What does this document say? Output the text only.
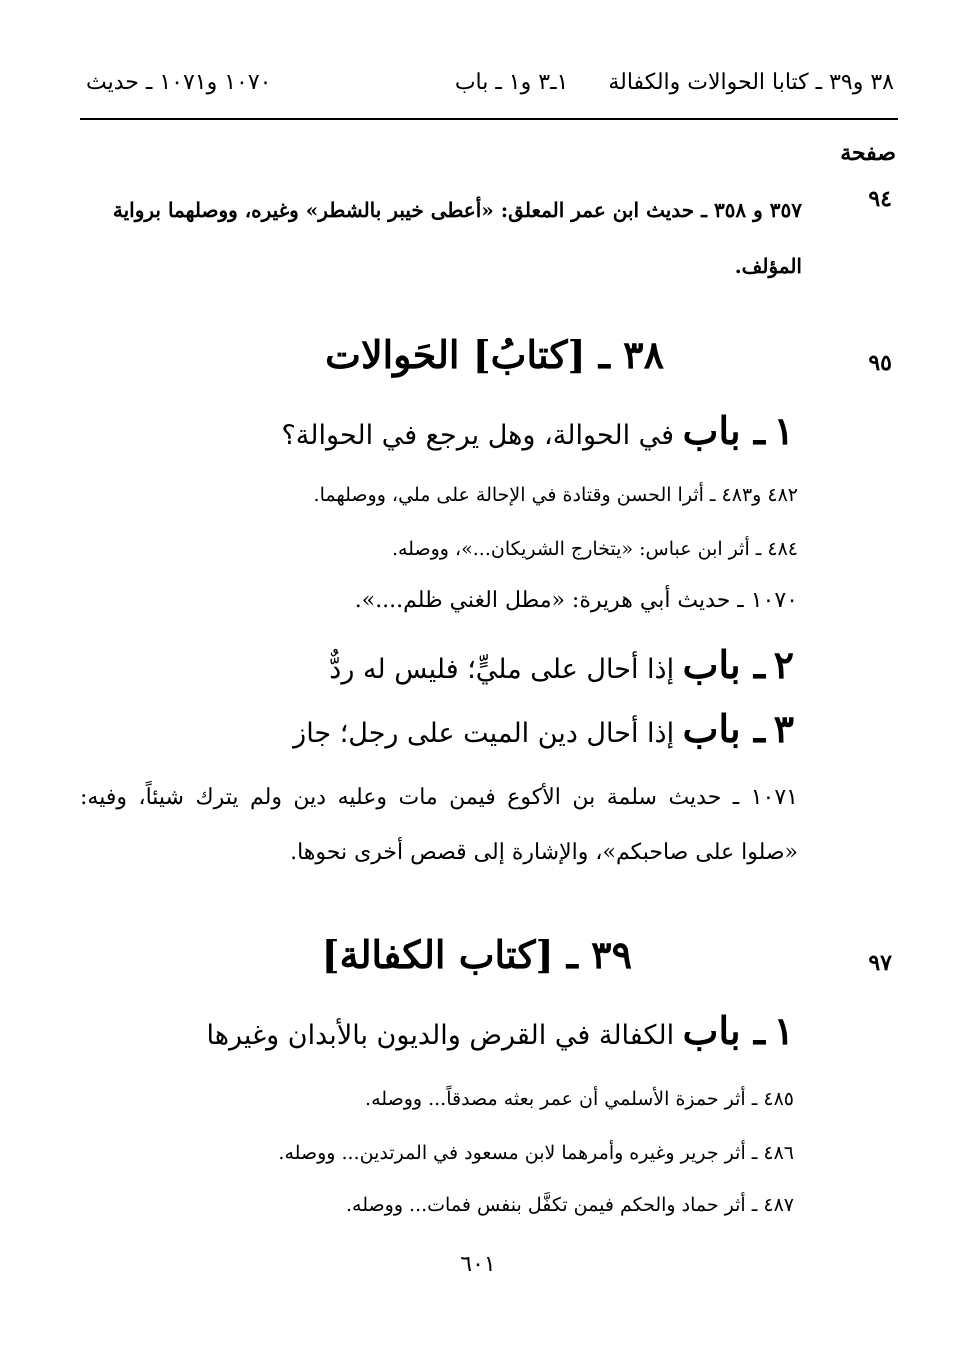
٣٨ و٣٩ ـ كتابا الحوالات والكفالة١ـ٣ و١ ـ باب
١٠٧٠ و١٠٧١ ـ حديث
صفحة
٩٤
٣٥٧ و ٣٥٨ ـ حديث ابن عمر المعلق: «أعطى خيبر بالشطر» وغيره، ووصلهما برواية المؤلف.
٩٥
٣٨ ـ [كتابُ] الحَوالات
١ ـ باب في الحوالة، وهل يرجع في الحوالة؟
٤٨٢ و٤٨٣ ـ أثرا الحسن وقتادة في الإحالة على ملي، ووصلهما.
٤٨٤ ـ أثر ابن عباس: «يتخارج الشريكان...»، ووصله.
١٠٧٠ ـ حديث أبي هريرة: «مطل الغني ظلم....».
٢ ـ باب إذا أحال على مليٍّ؛ فليس له ردٌّ
٣ ـ باب إذا أحال دين الميت على رجل؛ جاز
١٠٧١ ـ حديث سلمة بن الأكوع فيمن مات وعليه دين ولم يترك شيئاً، وفيه: «صلوا على صاحبكم»، والإشارة إلى قصص أخرى نحوها.
٩٧
٣٩ ـ [كتاب الكفالة]
١ ـ باب الكفالة في القرض والديون بالأبدان وغيرها
٤٨٥ ـ أثر حمزة الأسلمي أن عمر بعثه مصدقاً... ووصله.
٤٨٦ ـ أثر جرير وغيره وأمرهما لابن مسعود في المرتدين... ووصله.
٤٨٧ ـ أثر حماد والحكم فيمن تكفَّل بنفس فمات... ووصله.
٦٠١
